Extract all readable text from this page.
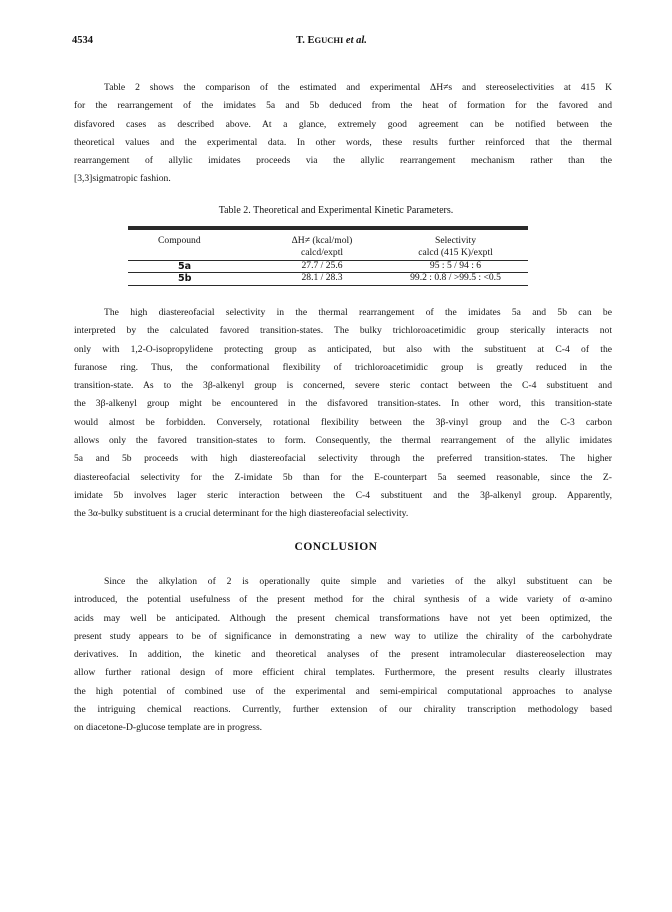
4534	T. EGUCHI et al.
Table 2 shows the comparison of the estimated and experimental ΔH≠s and stereoselectivities at 415 K
for the rearrangement of the imidates 5a and 5b deduced from the heat of formation for the favored and
disfavored cases as described above. At a glance, extremely good agreement can be notified between the
theoretical values and the experimental data. In other words, these results further reinforced that the thermal
rearrangement of allylic imidates proceeds via the allylic rearrangement mechanism rather than the
[3,3]sigmatropic fashion.
Table 2. Theoretical and Experimental Kinetic Parameters.
Compound	ΔH≠ (kcal/mol)	Selectivity
calcd/exptl	calcd (415 K)/exptl
5a	27.7 / 25.6	95 : 5 / 94 : 6
5b	28.1 / 28.3	99.2 : 0.8 / >99.5 : <0.5
The high diastereofacial selectivity in the thermal rearrangement of the imidates 5a and 5b can be
interpreted by the calculated favored transition-states. The bulky trichloroacetimidic group sterically interacts not
only with 1,2-O-isopropylidene protecting group as anticipated, but also with the substituent at C-4 of the
furanose ring. Thus, the conformational flexibility of trichloroacetimidic group is greatly reduced in the
transition-state. As to the 3β-alkenyl group is concerned, severe steric contact between the C-4 substituent and
the 3β-alkenyl group might be encountered in the disfavored transition-states. In other word, this transition-state
would almost be forbidden. Conversely, rotational flexibility between the 3β-vinyl group and the C-3 carbon
allows only the favored transition-states to form. Consequently, the thermal rearrangement of the allylic imidates
5a and 5b proceeds with high diastereofacial selectivity through the preferred transition-states. The higher
diastereofacial selectivity for the Z-imidate 5b than for the E-counterpart 5a seemed reasonable, since the Z-
imidate 5b involves lager steric interaction between the C-4 substituent and the 3β-alkenyl group. Apparently,
the 3α-bulky substituent is a crucial determinant for the high diastereofacial selectivity.
CONCLUSION
Since the alkylation of 2 is operationally quite simple and varieties of the alkyl substituent can be
introduced, the potential usefulness of the present method for the chiral synthesis of a wide variety of α-amino
acids may well be anticipated. Although the present chemical transformations have not yet been optimized, the
present study appears to be of significance in demonstrating a new way to utilize the chirality of the carbohydrate
derivatives. In addition, the kinetic and theoretical analyses of the present intramolecular diastereoselection may
allow further rational design of more efficient chiral templates. Furthermore, the present results clearly illustrates
the high potential of combined use of the experimental and semi-empirical computational approaches to analyse
the intriguing chemical reactions. Currently, further extension of our chirality transcription methodology based
on diacetone-D-glucose template are in progress.
